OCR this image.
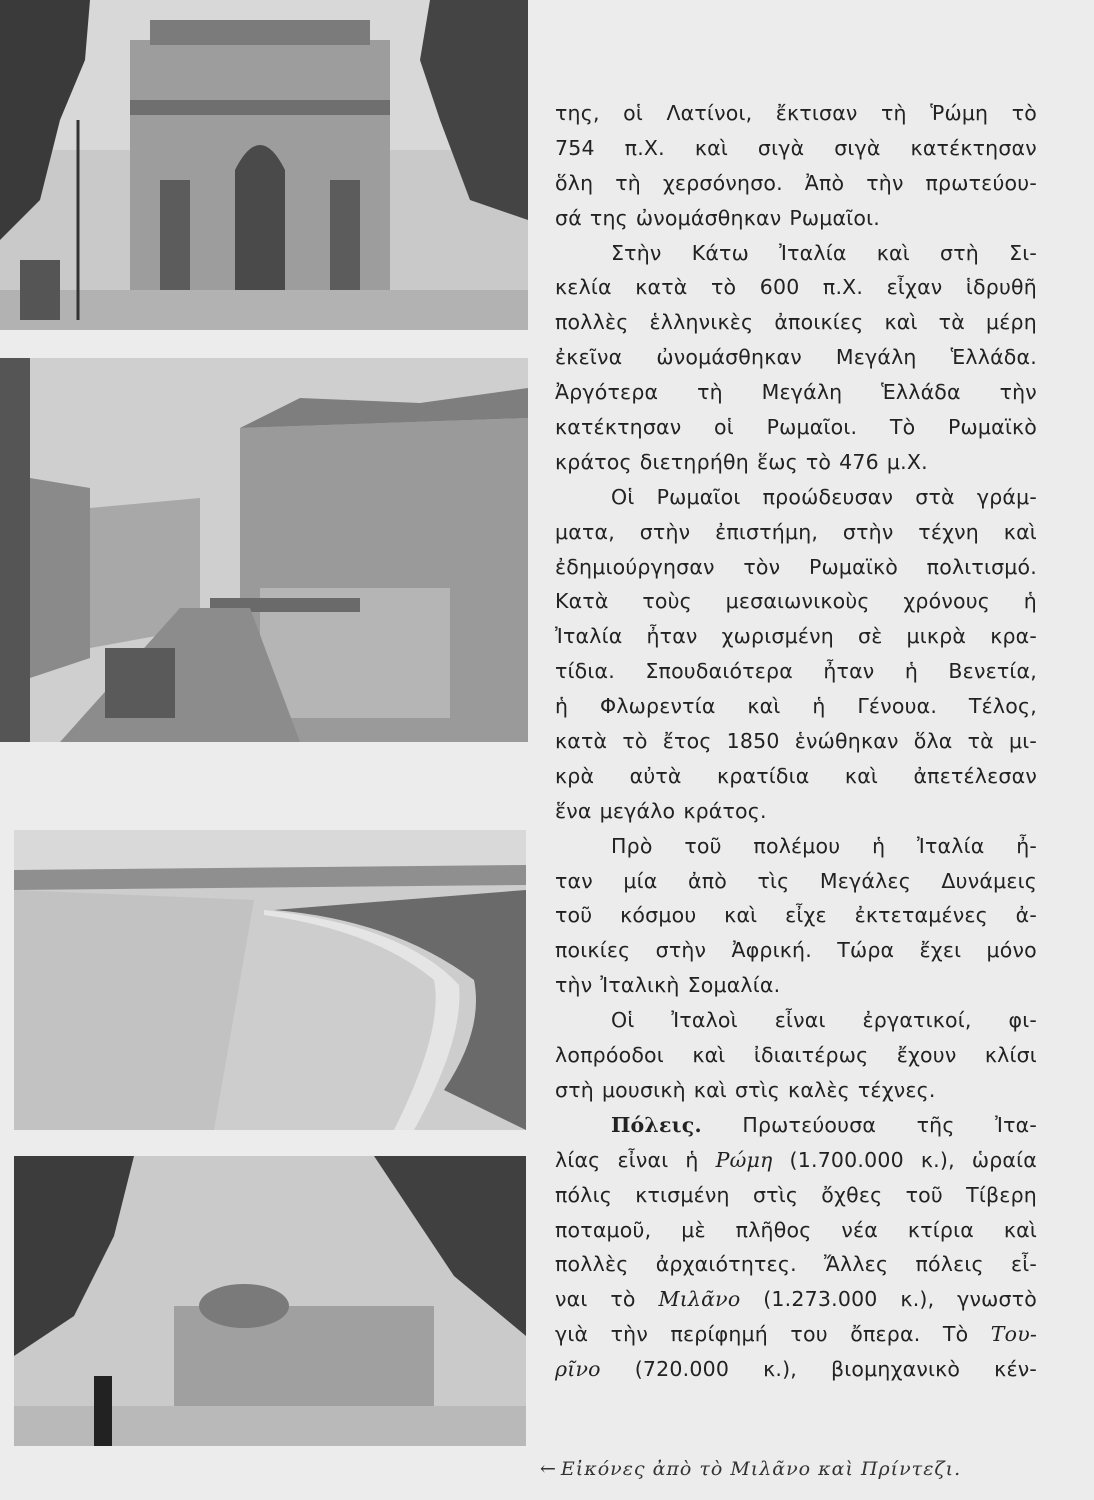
της, οἱ Λατίνοι, ἔκτισαν τὴ Ῥώμη τὸ
754 π.Χ. καὶ σιγὰ σιγὰ κατέκτησαν
ὅλη τὴ χερσόνησο. Ἀπὸ τὴν πρωτεύου-
σά της ὠνομάσθηκαν Ρωμαῖοι.
Στὴν Κάτω Ἰταλία καὶ στὴ Σι-
κελία κατὰ τὸ 600 π.Χ. εἶχαν ἱδρυθῆ
πολλὲς ἑλληνικὲς ἀποικίες καὶ τὰ μέρη
ἐκεῖνα ὠνομάσθηκαν Μεγάλη Ἑλλάδα.
Ἀργότερα τὴ Μεγάλη Ἑλλάδα τὴν
κατέκτησαν οἱ Ρωμαῖοι. Τὸ Ρωμαϊκὸ
κράτος διετηρήθη ἕως τὸ 476 μ.Χ.
Οἱ Ρωμαῖοι προώδευσαν στὰ γράμ-
ματα, στὴν ἐπιστήμη, στὴν τέχνη καὶ
ἐδημιούργησαν τὸν Ρωμαϊκὸ πολιτισμό.
Κατὰ τοὺς μεσαιωνικοὺς χρόνους ἡ
Ἰταλία ἦταν χωρισμένη σὲ μικρὰ κρα-
τίδια. Σπουδαιότερα ἦταν ἡ Βενετία,
ἡ Φλωρεντία καὶ ἡ Γένουα. Τέλος,
κατὰ τὸ ἔτος 1850 ἑνώθηκαν ὅλα τὰ μι-
κρὰ αὐτὰ κρατίδια καὶ ἀπετέλεσαν
ἕνα μεγάλο κράτος.
Πρὸ τοῦ πολέμου ἡ Ἰταλία ἦ-
ταν μία ἀπὸ τὶς Μεγάλες Δυνάμεις
τοῦ κόσμου καὶ εἶχε ἐκτεταμένες ἀ-
ποικίες στὴν Ἀφρική. Τώρα ἔχει μόνο
τὴν Ἰταλικὴ Σομαλία.
Οἱ Ἰταλοὶ εἶναι ἐργατικοί, φι-
λοπρόοδοι καὶ ἰδιαιτέρως ἔχουν κλίσι
στὴ μουσικὴ καὶ στὶς καλὲς τέχνες.
Πόλεις. Πρωτεύουσα τῆς Ἰτα-
λίας εἶναι ἡ Ρώμη (1.700.000 κ.), ὡραία
πόλις κτισμένη στὶς ὄχθες τοῦ Τίβερη
ποταμοῦ, μὲ πλῆθος νέα κτίρια καὶ
πολλὲς ἀρχαιότητες. Ἄλλες πόλεις εἶ-
ναι τὸ Μιλᾶνο (1.273.000 κ.), γνωστὸ
γιὰ τὴν περίφημή του ὄπερα. Τὸ Του-
ρῖνο (720.000 κ.), βιομηχανικὸ κέν-
← Εἰκόνες ἀπὸ τὸ Μιλᾶνο καὶ Πρίντεζι.
